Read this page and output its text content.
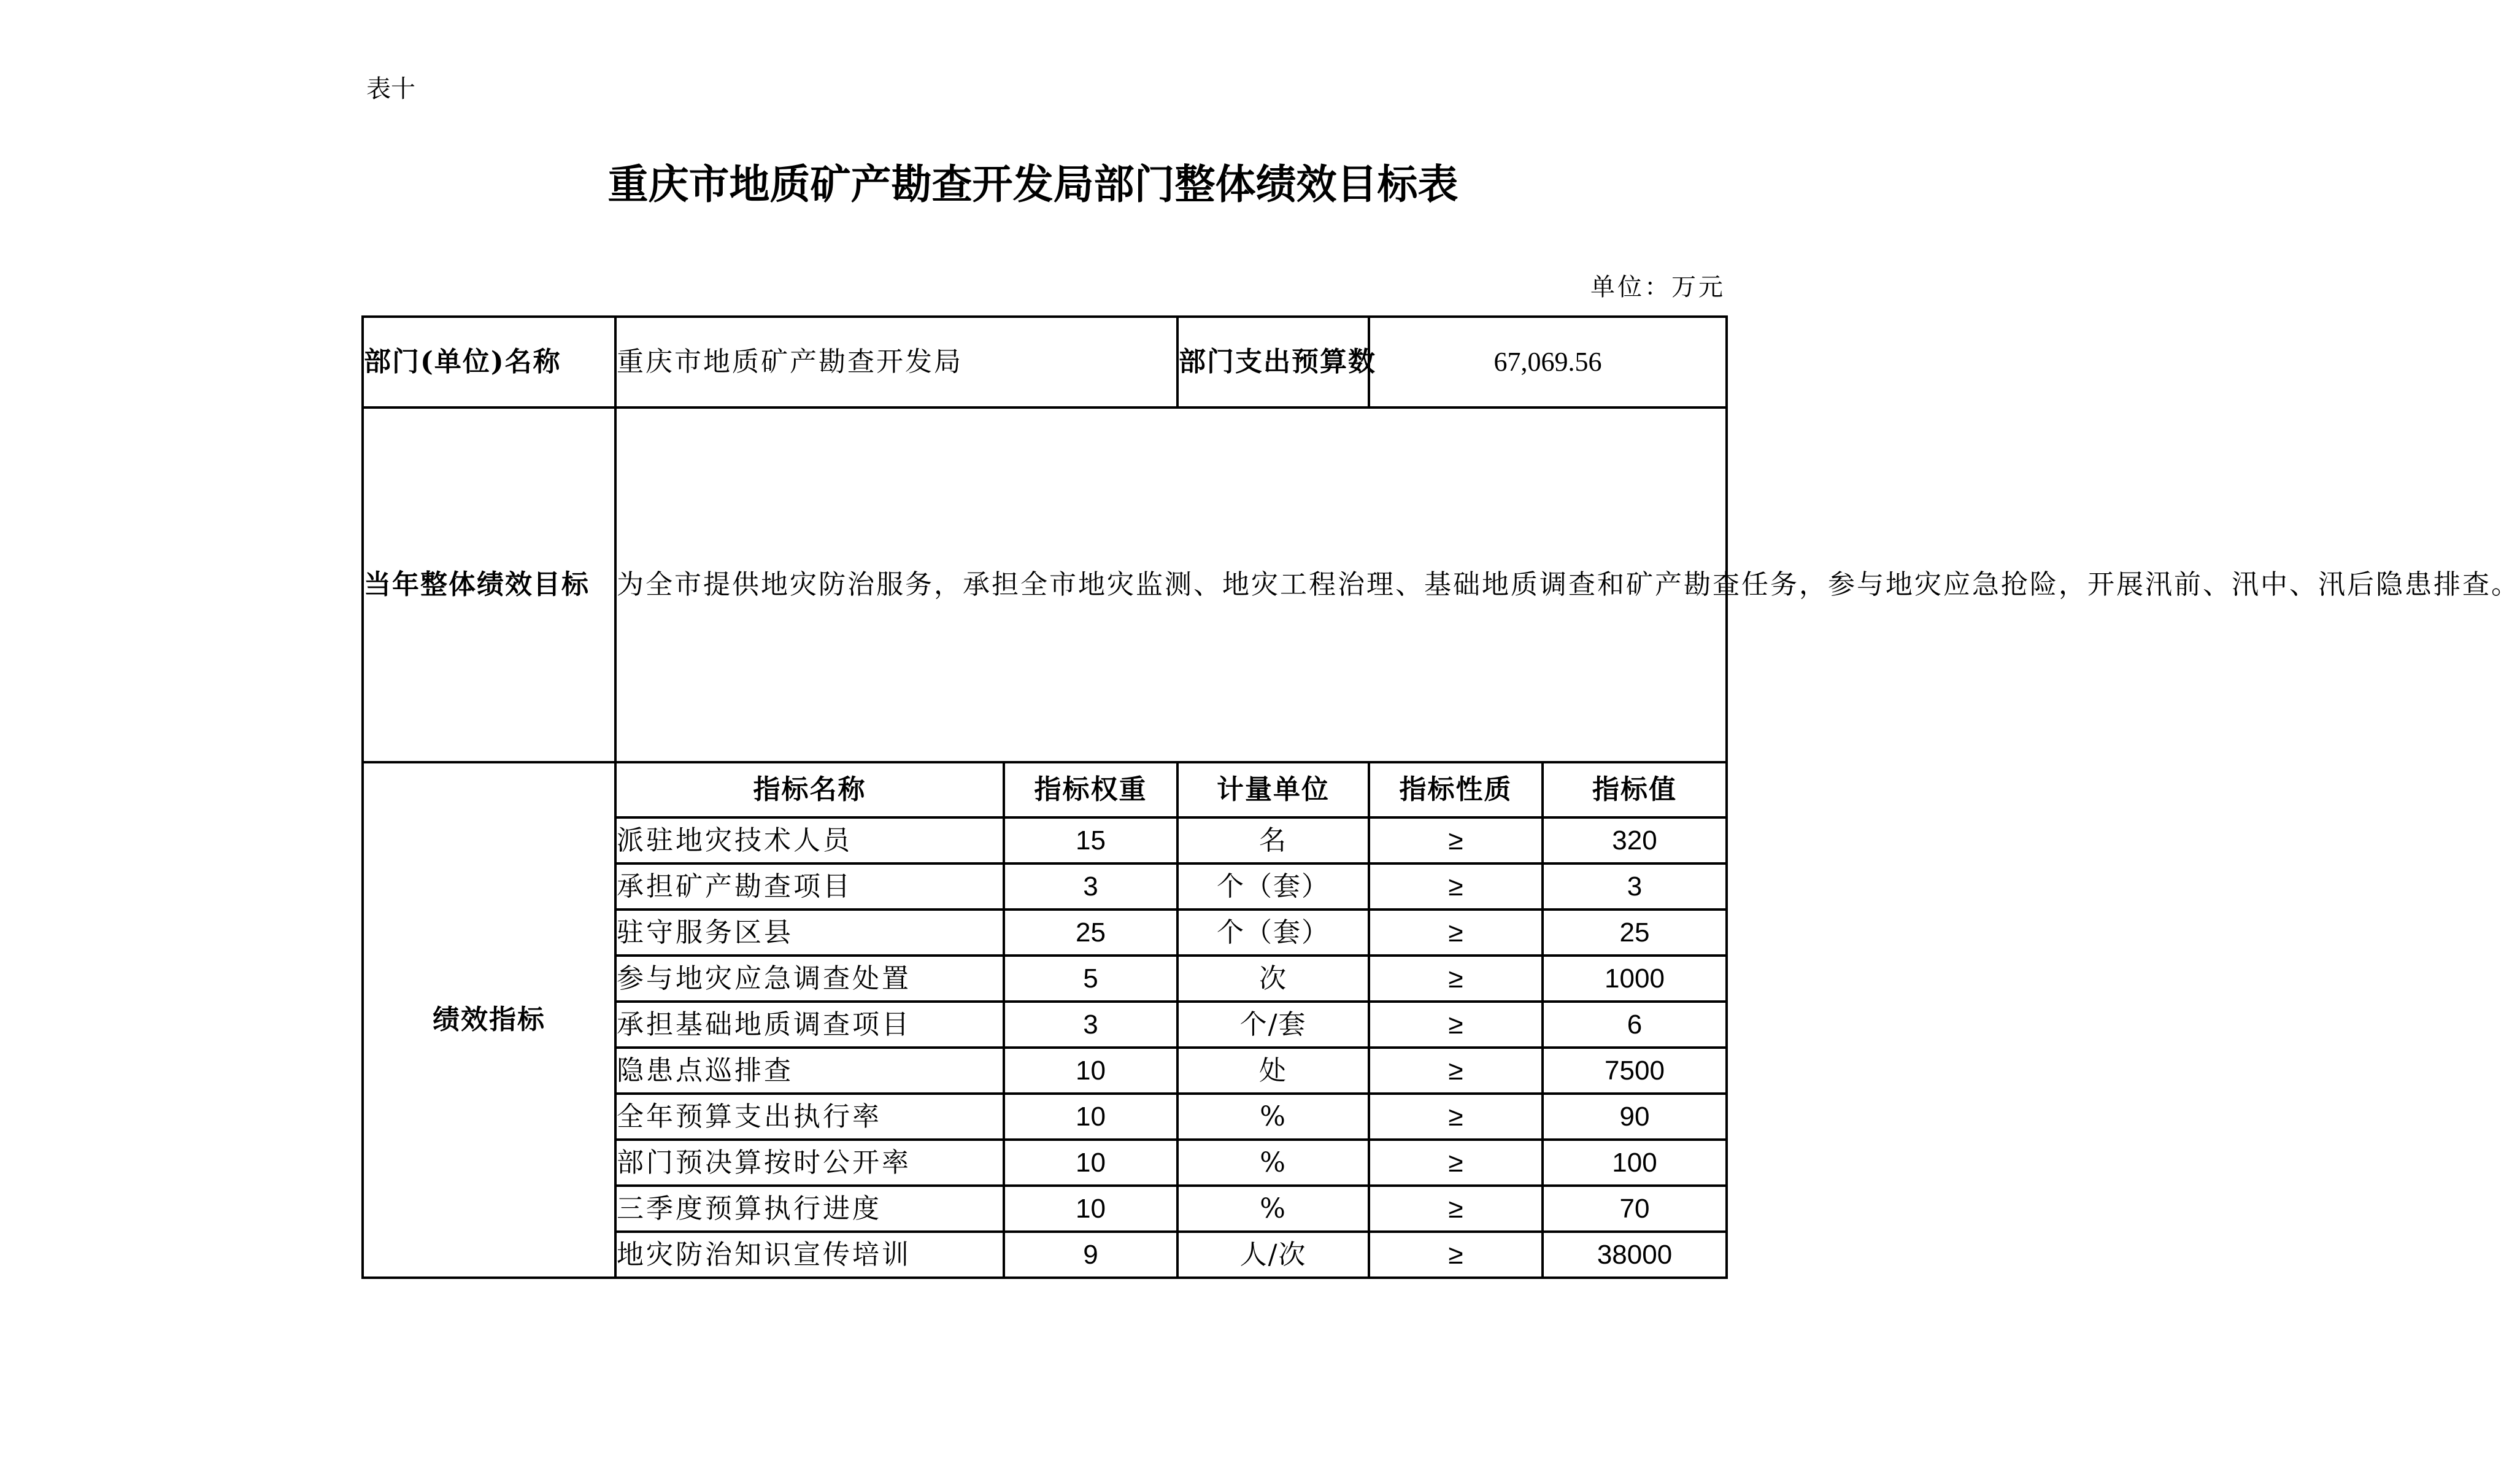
表十
重庆市地质矿产勘查开发局部门整体绩效目标表
单位：万元
部门(单位)名称	重庆市地质矿产勘查开发局		部门支出预算数	67,069.56	
当年整体绩效目标	为全市提供地灾防治服务，承担全市地灾监测、地灾工程治理、基础地质调查和矿产勘查任务，参与地灾应急抢险，开展汛前、汛中、汛后隐患排查。				
绩效指标	指标名称	指标权重	计量单位	指标性质	指标值
	派驻地灾技术人员	15	名	≥	320
	承担矿产勘查项目	3	个（套）	≥	3
	驻守服务区县	25	个（套）	≥	25
	参与地灾应急调查处置	5	次	≥	1000
	承担基础地质调查项目	3	个/套	≥	6
	隐患点巡排查	10	处	≥	7500
	全年预算支出执行率	10	%	≥	90
	部门预决算按时公开率	10	%	≥	100
	三季度预算执行进度	10	%	≥	70
	地灾防治知识宣传培训	9	人/次	≥	38000
